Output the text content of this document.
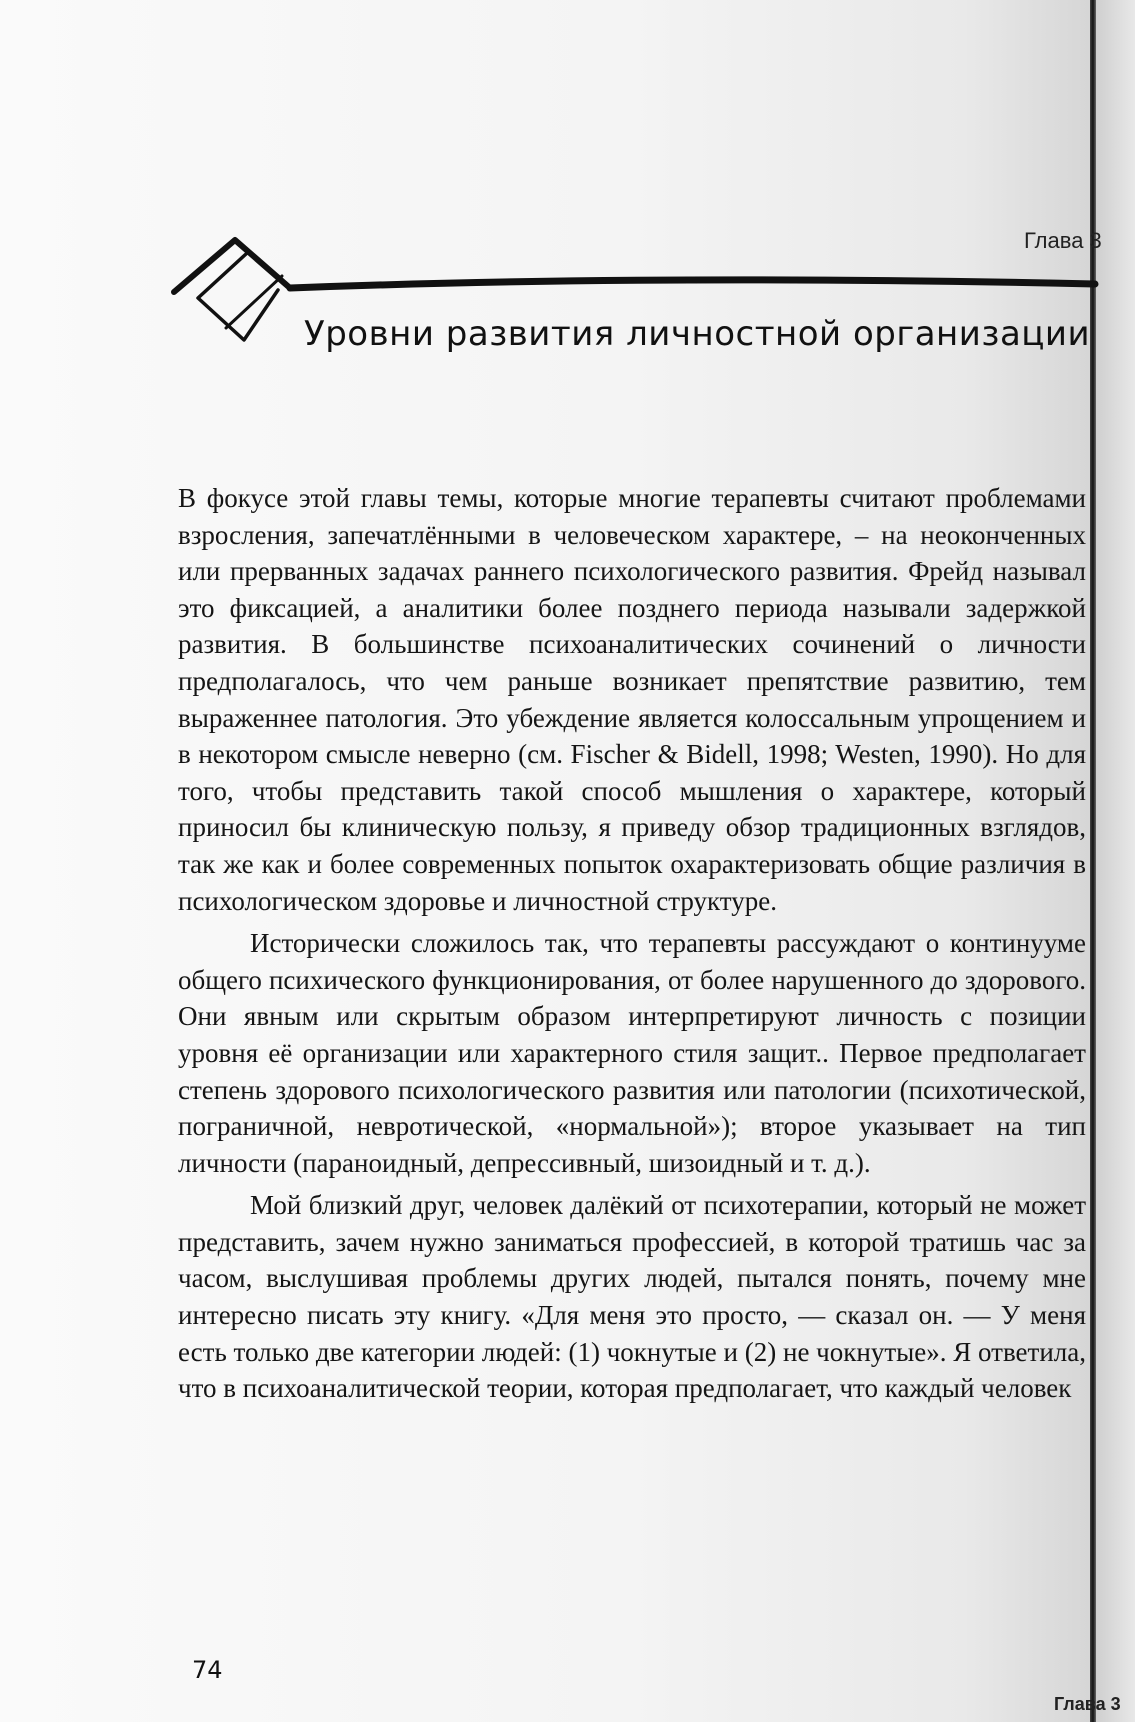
Глава 3
Уровни развития личностной организации

В фокусе этой главы темы, которые многие терапевты считают проблемами взросления, запечатлёнными в человеческом характере, – на неоконченных или прерванных задачах раннего психологического развития. Фрейд называл это фиксацией, а аналитики более позднего периода называли задержкой развития. В большинстве психоаналитических сочинений о личности предполагалось, что чем раньше возникает препятствие развитию, тем выраженнее патология. Это убеждение является колоссальным упрощением и в некотором смысле неверно (см. Fischer & Bidell, 1998; Westen, 1990). Но для того, чтобы представить такой способ мышления о характере, который приносил бы клиническую пользу, я приведу обзор традиционных взглядов, так же как и более современных попыток охарактеризовать общие различия в психологическом здоровье и личностной структуре.

Исторически сложилось так, что терапевты рассуждают о континууме общего психического функционирования, от более нарушенного до здорового. Они явным или скрытым образом интерпретируют личность с позиции уровня её организации или характерного стиля защит.. Первое предполагает степень здорового психологического развития или патологии (психотической, пограничной, невротической, «нормальной»); второе указывает на тип личности (параноидный, депрессивный, шизоидный и т. д.).

Мой близкий друг, человек далёкий от психотерапии, который не может представить, зачем нужно заниматься профессией, в которой тратишь час за часом, выслушивая проблемы других людей, пытался понять, почему мне интересно писать эту книгу. «Для меня это просто, — сказал он. — У меня есть только две категории людей: (1) чокнутые и (2) не чокнутые». Я ответила, что в психоаналитической теории, которая предполагает, что каждый человек

74
Глава 3
